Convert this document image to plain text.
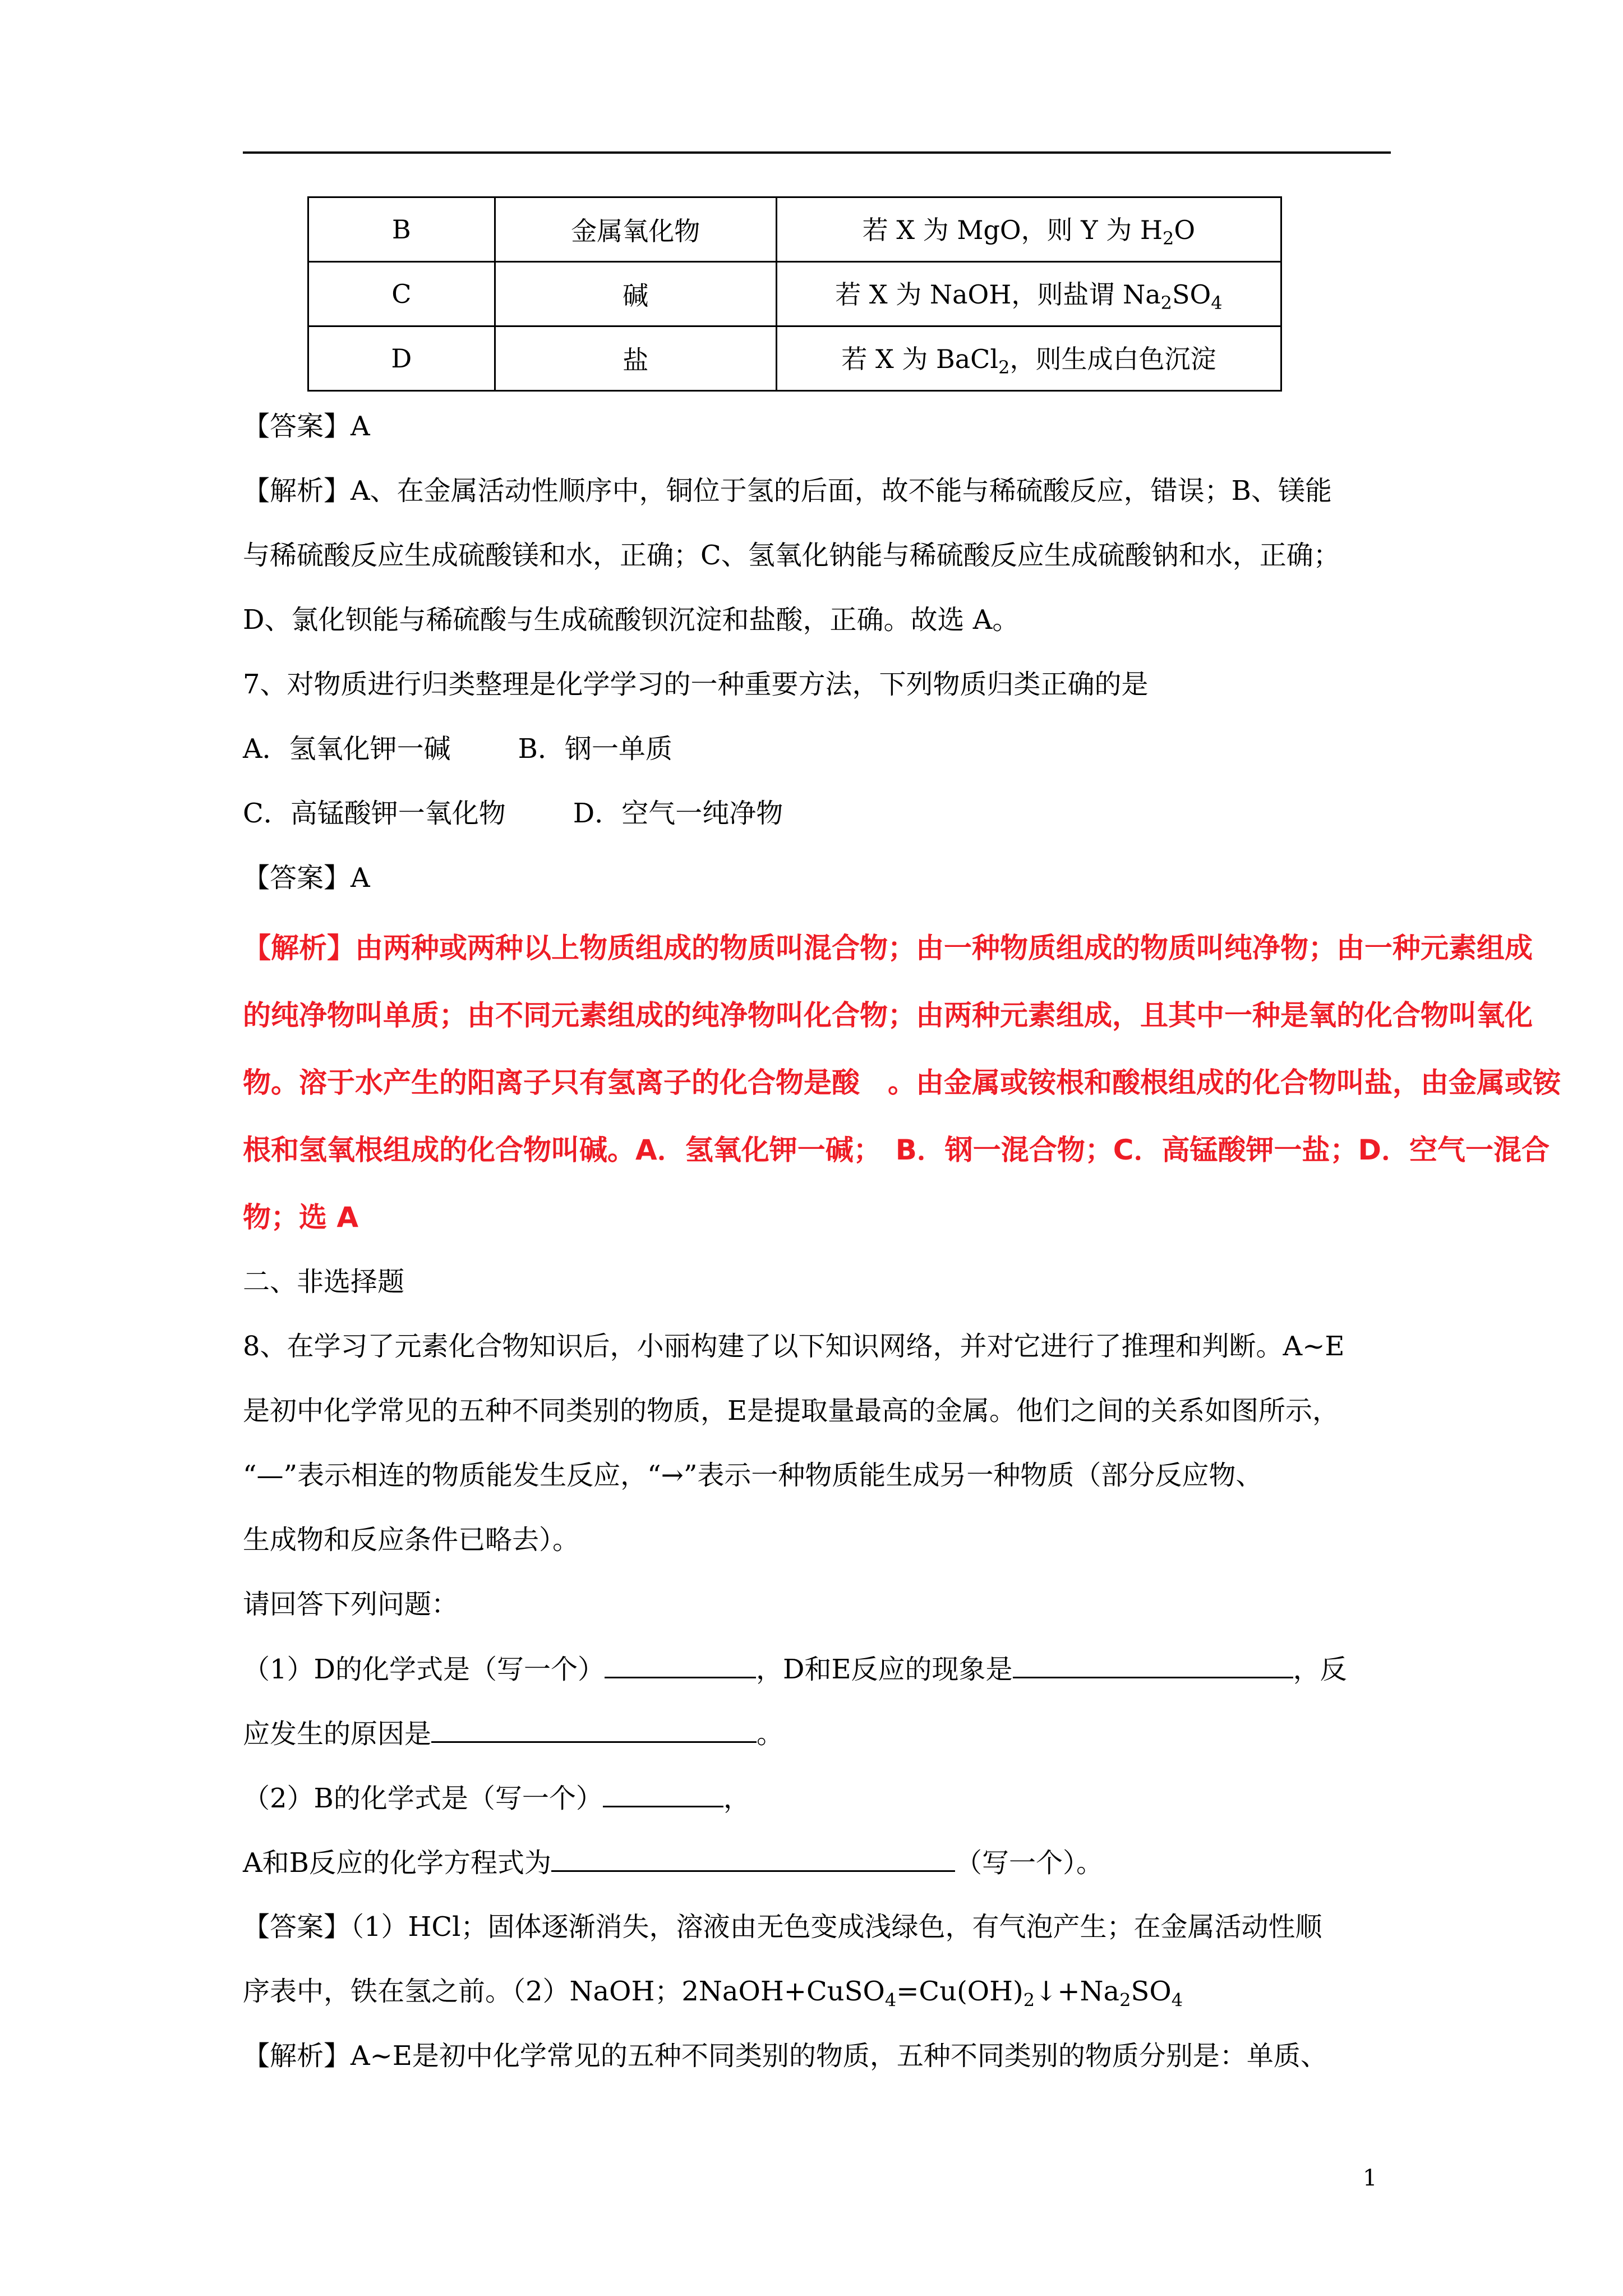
B	金属氧化物	若 X 为 MgO，则 Y 为 $H_2O$
C	碱	若 X 为 NaOH，则盐谓 $Na_2SO_4$
D	盐	若 X 为 BaCl$_2$，则生成白色沉淀
【答案】A
【解析】A、在金属活动性顺序中，铜位于氢的后面，故不能与稀硫酸反应，错误；B、镁能
与稀硫酸反应生成硫酸镁和水，正确；C、氢氧化钠能与稀硫酸反应生成硫酸钠和水，正确；
D、氯化钡能与稀硫酸与生成硫酸钡沉淀和盐酸，正确。故选 A。
7、对物质进行归类整理是化学学习的一种重要方法，下列物质归类正确的是
A．氢氧化钾一碱	B．钢一单质
C．高锰酸钾一氧化物	D．空气一纯净物
【答案】A
【解析】由两种或两种以上物质组成的物质叫混合物；由一种物质组成的物质叫纯净物；由一种元素组成
的纯净物叫单质；由不同元素组成的纯净物叫化合物；由两种元素组成，且其中一种是氧的化合物叫氧化
物。溶于水产生的阳离子只有氢离子的化合物是酸　。由金属或铵根和酸根组成的化合物叫盐，由金属或铵
根和氢氧根组成的化合物叫碱。A．氢氧化钾一碱；　B．钢一混合物；C．高锰酸钾一盐；D．空气一混合
物；选 A
二、非选择题
8、在学习了元素化合物知识后，小丽构建了以下知识网络，并对它进行了推理和判断。A~E
是初中化学常见的五种不同类别的物质，E是提取量最高的金属。他们之间的关系如图所示，
“—”表示相连的物质能发生反应，“→”表示一种物质能生成另一种物质（部分反应物、
生成物和反应条件已略去）。
请回答下列问题：
（1）D的化学式是（写一个）	，D和E反应的现象是	，反
应发生的原因是	。
（2）B的化学式是（写一个）	，
A和B反应的化学方程式为	（写一个）。
【答案】（1）HCl；固体逐渐消失，溶液由无色变成浅绿色，有气泡产生；在金属活动性顺
序表中，铁在氢之前。（2）NaOH；$2NaOH+CuSO_4=Cu(OH)_2↓+Na_2SO_4$
【解析】A~E是初中化学常见的五种不同类别的物质，五种不同类别的物质分别是：单质、
1
